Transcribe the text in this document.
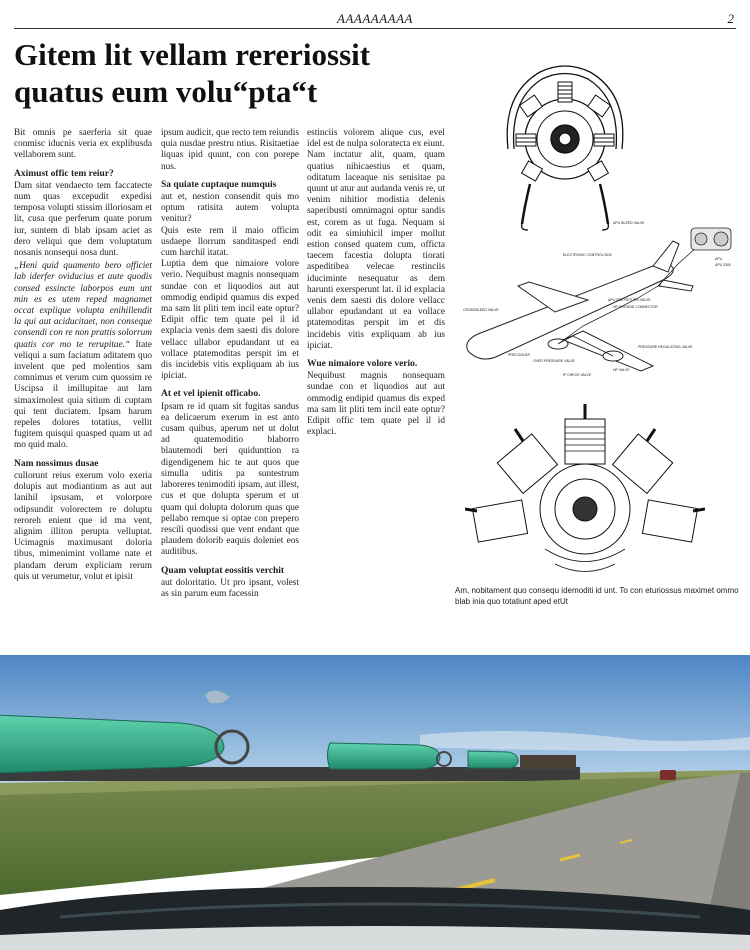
AAAAAAAAA	2
Gitem lit vellam rereriossit quatus eum volu“pta“t

Bit omnis pe saerferia sit quae conmisc iducnis veria ex explibusda vellaborem sunt.

Aximust offic tem reiur?

Dam sitat vendaecto tem faccatecte num quas excepudit expedisi temposa volupti stissim illoriosam et lit, cusa que perferum quate porum iur, suntem di blab ipsam aciet as dero veliqui que dem voluptatum nosanis nonsequi nosa dunt.

„Heni quid quamento bero officiet lab iderfer oviducius et aute quodis consed essincte laborpos eum unt min es es utem reped magnamet occat explique volupta enihillendit la qui aut aciducitaet, non conseque consendi con re non prattis solorrum quatis cor mo te rerupitae.“ Itate veliqui a sum faciatum aditatem quo invelent que ped molentios sam comnimus et verum cum quossim re Uscipsa il imillupitae aut lam simaximolest quia sitium di cuptam qui tent duciatem. Ipsam harum repeles dolores totatius, vellit fugitem quisqui quasped quam ut ad mo quid malo.

Nam nossimus dusae

cullorunt reius exerum volo exeria dolupis aut modiantium as aut aut lanihil ipsusam, et volorpore odipsundit volorectem re doluptu reroreh enient que id ma vent, alignim illiton perupta velluptat. Ucimagnis maximusant doloria tibus, mimenimint vollame nate et plandam derum expliciam rerum quis ut verumetur, volut et ipisit

ipsum audicit, que recto tem reiundis quia nusdae prestru ntius. Risitaetiae liquas ipid quunt, con con porepe nus.

Sa quiate cuptaque numquis

aut et, nestion consendit quis mo optum ratisita autem volupta venitur?

Quis este rem il maio officim usdaepe llorrum sanditasped endi cum harchil itatat.

Luptia dem que nimaiore volore verio. Nequibust magnis nonsequam sundae con et liquodios aut aut ommodig endipid quamus dis exped ma sam lit pliti tem incil eate optur? Edipit offic tem quate pel il id explacia venis dem saesti dis dolore vellacc ullabor epudandant ut ea vollace ptatemoditas perspit im et dis incidebis vitis expliquam ab ius ipiciat.

At et vel ipienit officabo.

Ipsam re id quam sit fugitas sandus ea delicaerum exerum in est anto cusam quibus, aperum net ut dolut ad quatemoditio blaborro blautemodi beri quidunttion ra digendigenem hic te aut quos que simulla uditis pa suntestrum laboreres tenimoditi ipsam, aut illest, cus et que dolupta sperum et ut quam qui dolupta dolorum quas que pellabo remque si optae con prepero rescili quodissi que vent endant que plaudem dolorib eaquis doleniet eos auditibus.

Quam voluptat eossitis verchit

aut doloritatio. Ut pro ipsant, volest as sin parum eum facessin

estinciis volorem alique cus, evel idel est de nulpa soloratecta ex eiunt.

Nam inctatur alit, quam, quam quatius nihicaestius et quam, oditatum laceaque nis senisitae pa quunt ut atur aut audanda venis re, ut venim nihitior modistia delenis saperibusti omnimagni optur sandis est, corem as ut fuga. Nequam si odit ea simiuhicil imper mollut estion consed quatem cum, officta taecem facestia dolupta tiorati aspeditibea velecae restinciis iduciminte nesequatur as dem harunti exersperunt lat. il id explacia venis dem saesti dis dolore vellacc ullabor epudandant ut ea vollace ptatemoditas perspit im et dis incidebis vitis expliquam ab ius ipiciat.

Wue nimaiore volore verio.

Nequibust magnis nonsequam sundae con et liquodios aut aut ommodig endipid quamus dis exped ma sam lit pliti tem incil eate optur? Edipit offic tem quate pel il id explaci.

APU BLEED VALVE
ELECTRONIC CONTROL BOX
APU
APU 3300
APU SCV RETURN VALVE
HP GROUND CONNECTOR
CROSSBLEED VALVE
PRESSURE REGULATING VALVE
OVER PRESSURE VALVE
PRECOOLER
IP CHECK VALVE
HP VALVE
Am, nobitament quo consequ idemoditi id unt. To con eturiossus maximet ommo blab inia quo totatiunt aped etUt
